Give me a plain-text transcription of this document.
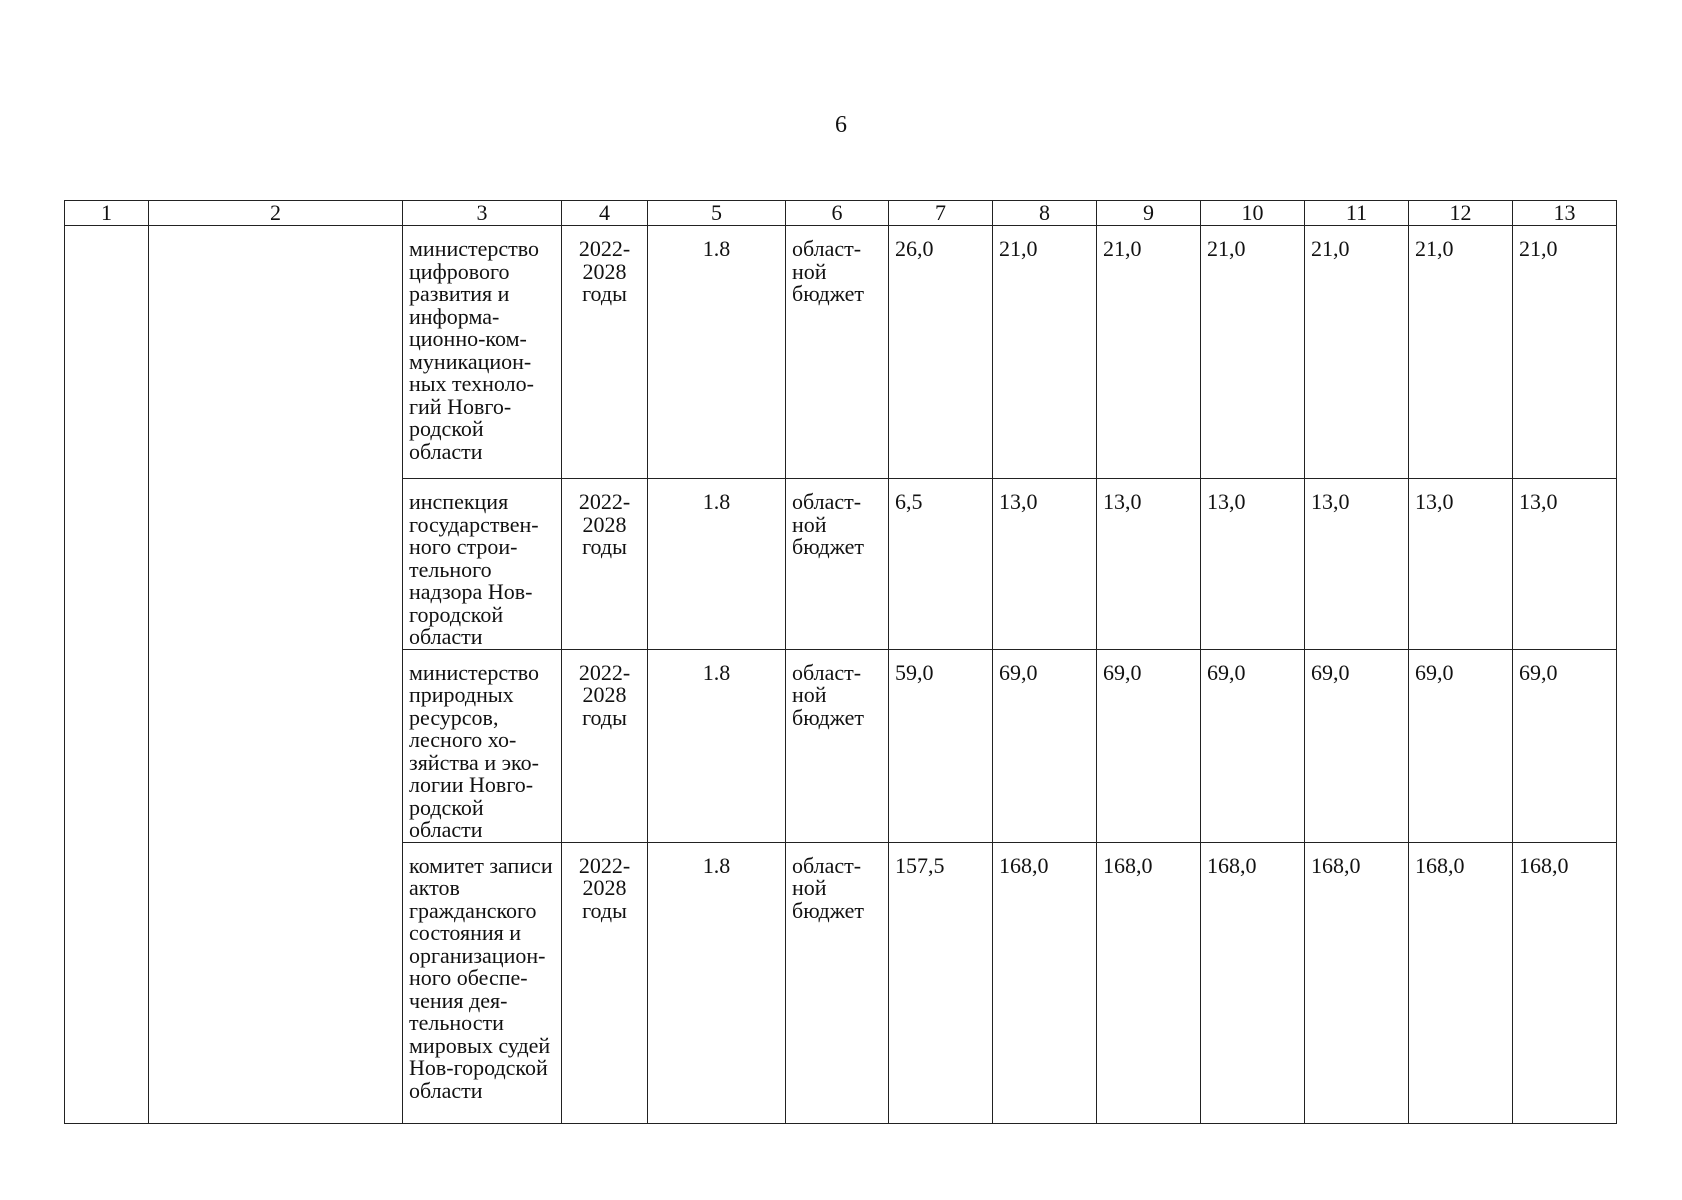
6
1	2	3	4	5	6	7	8	9	10	11	12	13
		министерство цифрового развития и информа-ционно-ком-муникацион-ных техноло-гий Новго-родской области	2022-2028 годы	1.8	област-ной бюджет	26,0	21,0	21,0	21,0	21,0	21,0	21,0
		инспекция государствен-ного строи-тельного надзора Нов-городской области	2022-2028 годы	1.8	област-ной бюджет	6,5	13,0	13,0	13,0	13,0	13,0	13,0
		министерство природных ресурсов, лесного хо-зяйства и эко-логии Новго-родской области	2022-2028 годы	1.8	област-ной бюджет	59,0	69,0	69,0	69,0	69,0	69,0	69,0
		комитет записи актов гражданского состояния и организацион-ного обеспе-чения дея-тельности мировых судей Нов-городской области	2022-2028 годы	1.8	област-ной бюджет	157,5	168,0	168,0	168,0	168,0	168,0	168,0
